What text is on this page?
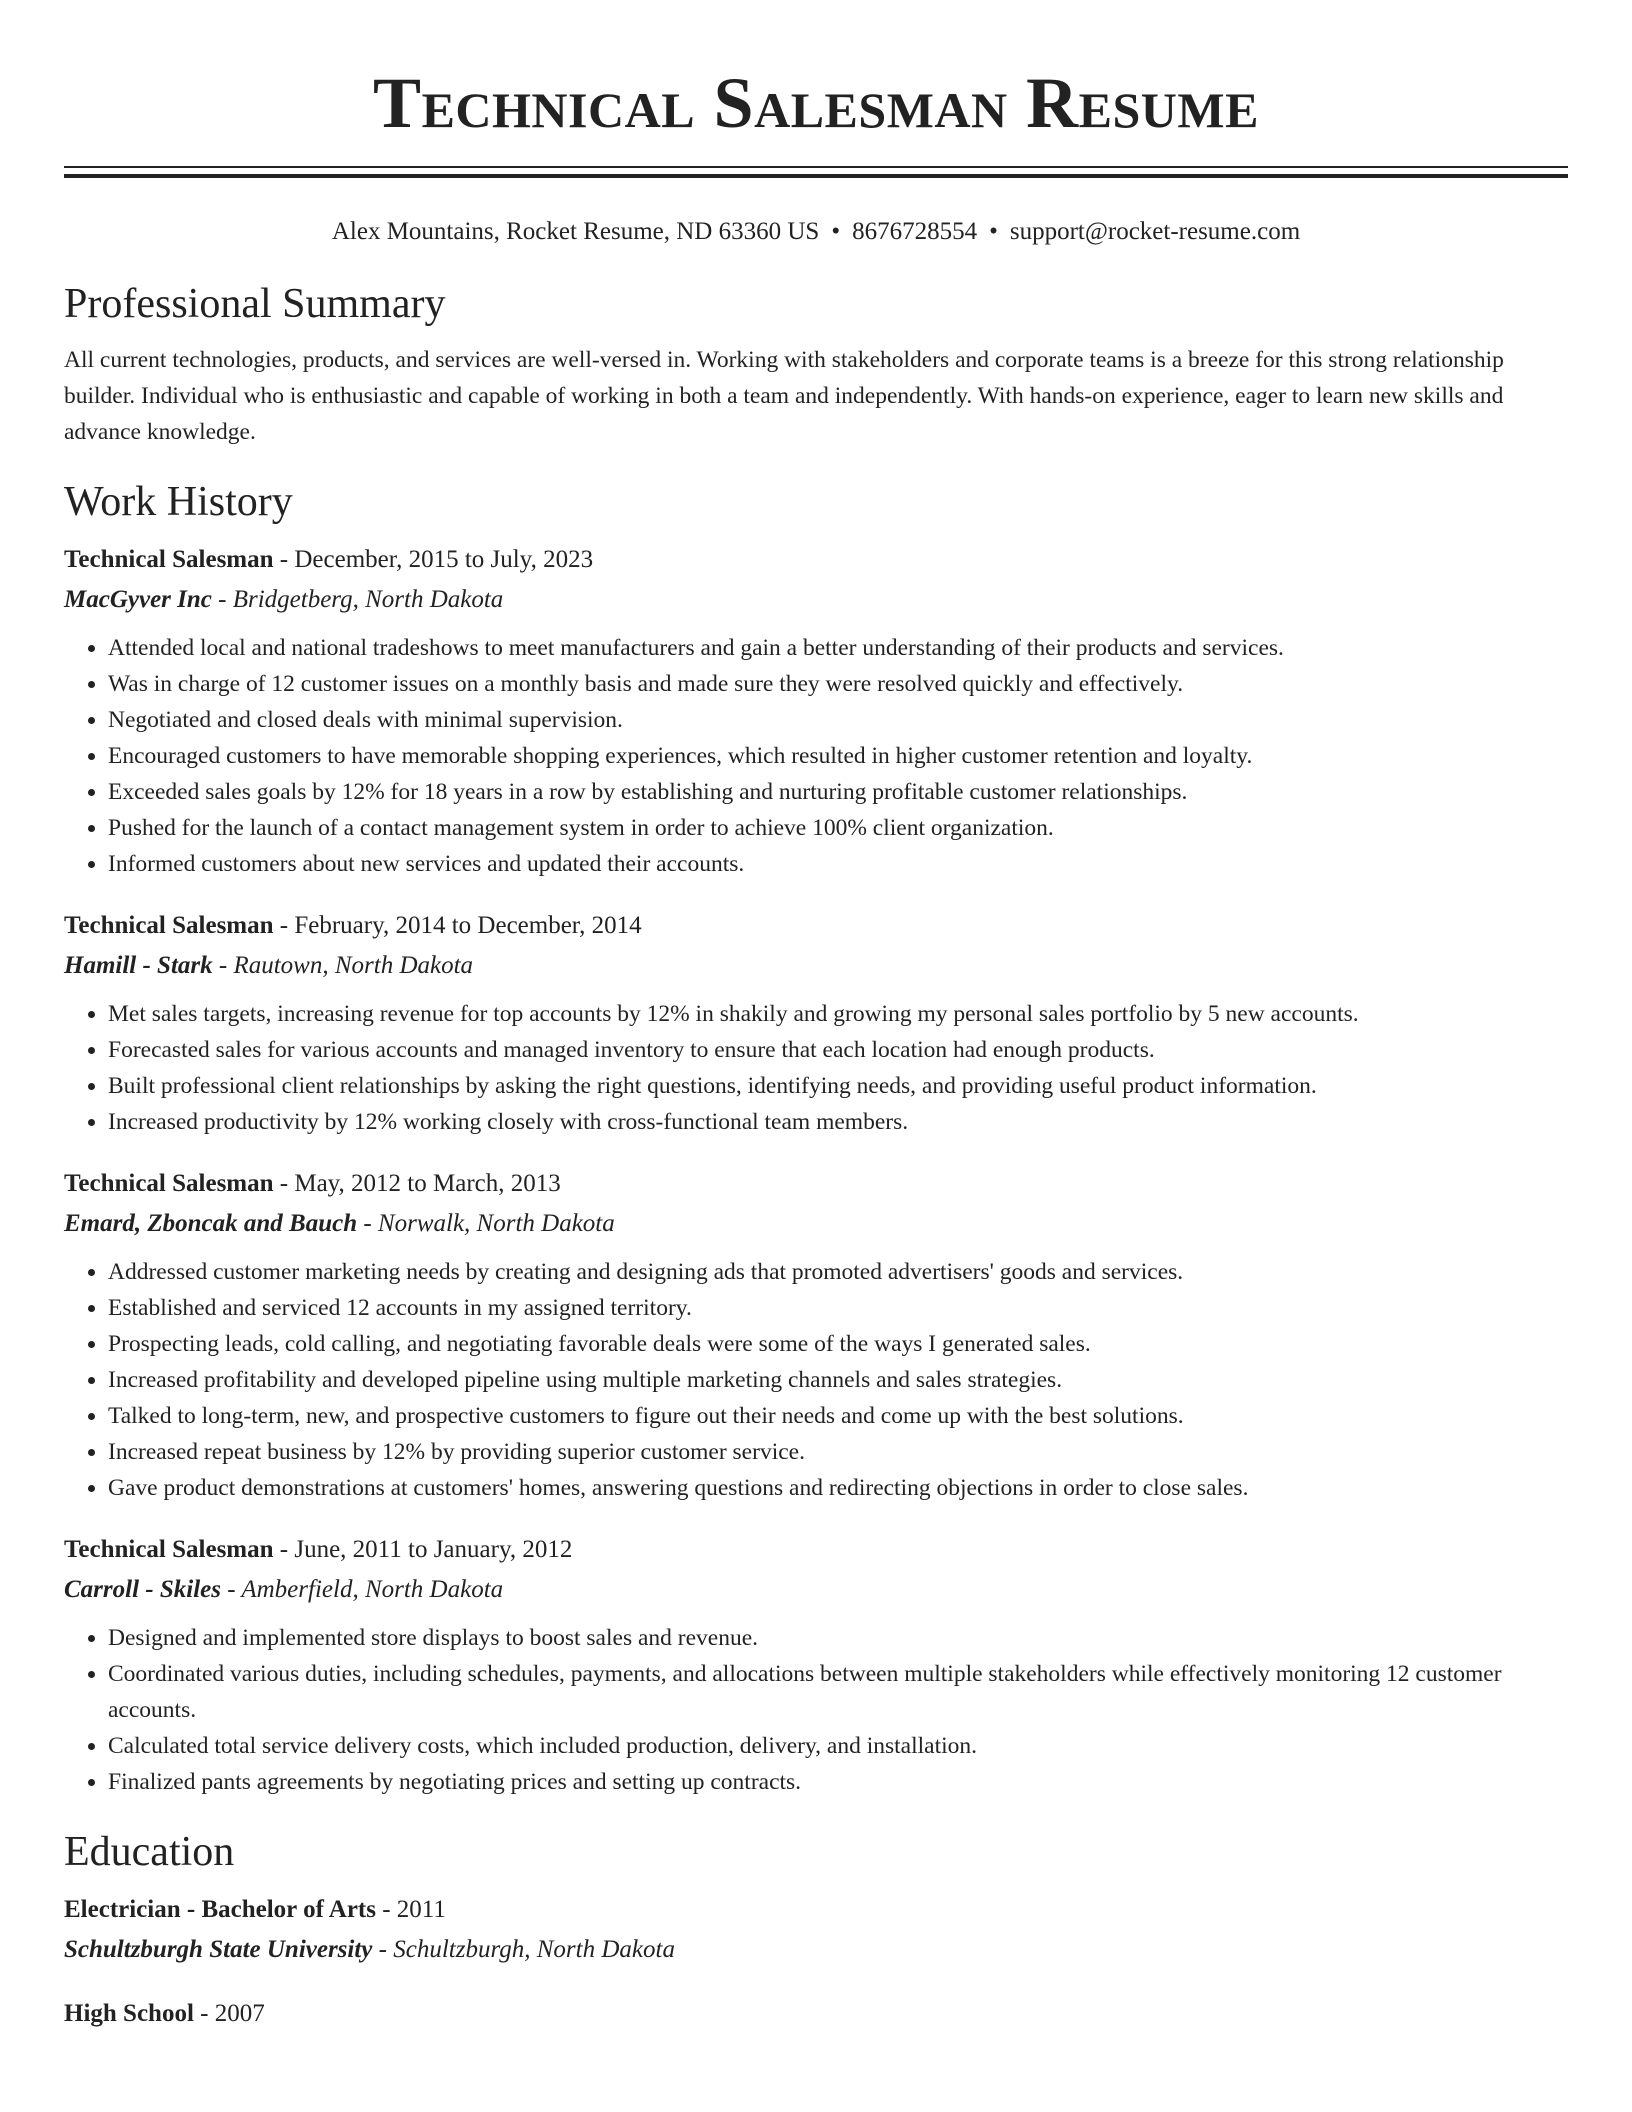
Technical Salesman Resume
Alex Mountains, Rocket Resume, ND 63360 US • 8676728554 • support@rocket-resume.com
Professional Summary

All current technologies, products, and services are well-versed in. Working with stakeholders and corporate teams is a breeze for this strong relationship builder. Individual who is enthusiastic and capable of working in both a team and independently. With hands-on experience, eager to learn new skills and advance knowledge.

Work History
Technical Salesman - December, 2015 to July, 2023
MacGyver Inc - Bridgetberg, North Dakota
• Attended local and national tradeshows to meet manufacturers and gain a better understanding of their products and services.
• Was in charge of 12 customer issues on a monthly basis and made sure they were resolved quickly and effectively.
• Negotiated and closed deals with minimal supervision.
• Encouraged customers to have memorable shopping experiences, which resulted in higher customer retention and loyalty.
• Exceeded sales goals by 12% for 18 years in a row by establishing and nurturing profitable customer relationships.
• Pushed for the launch of a contact management system in order to achieve 100% client organization.
• Informed customers about new services and updated their accounts.
Technical Salesman - February, 2014 to December, 2014
Hamill - Stark - Rautown, North Dakota
• Met sales targets, increasing revenue for top accounts by 12% in shakily and growing my personal sales portfolio by 5 new accounts.
• Forecasted sales for various accounts and managed inventory to ensure that each location had enough products.
• Built professional client relationships by asking the right questions, identifying needs, and providing useful product information.
• Increased productivity by 12% working closely with cross-functional team members.
Technical Salesman - May, 2012 to March, 2013
Emard, Zboncak and Bauch - Norwalk, North Dakota
• Addressed customer marketing needs by creating and designing ads that promoted advertisers' goods and services.
• Established and serviced 12 accounts in my assigned territory.
• Prospecting leads, cold calling, and negotiating favorable deals were some of the ways I generated sales.
• Increased profitability and developed pipeline using multiple marketing channels and sales strategies.
• Talked to long-term, new, and prospective customers to figure out their needs and come up with the best solutions.
• Increased repeat business by 12% by providing superior customer service.
• Gave product demonstrations at customers' homes, answering questions and redirecting objections in order to close sales.
Technical Salesman - June, 2011 to January, 2012
Carroll - Skiles - Amberfield, North Dakota
• Designed and implemented store displays to boost sales and revenue.
• Coordinated various duties, including schedules, payments, and allocations between multiple stakeholders while effectively monitoring 12 customer accounts.
• Calculated total service delivery costs, which included production, delivery, and installation.
• Finalized pants agreements by negotiating prices and setting up contracts.
Education
Electrician - Bachelor of Arts - 2011
Schultzburgh State University - Schultzburgh, North Dakota
High School - 2007
